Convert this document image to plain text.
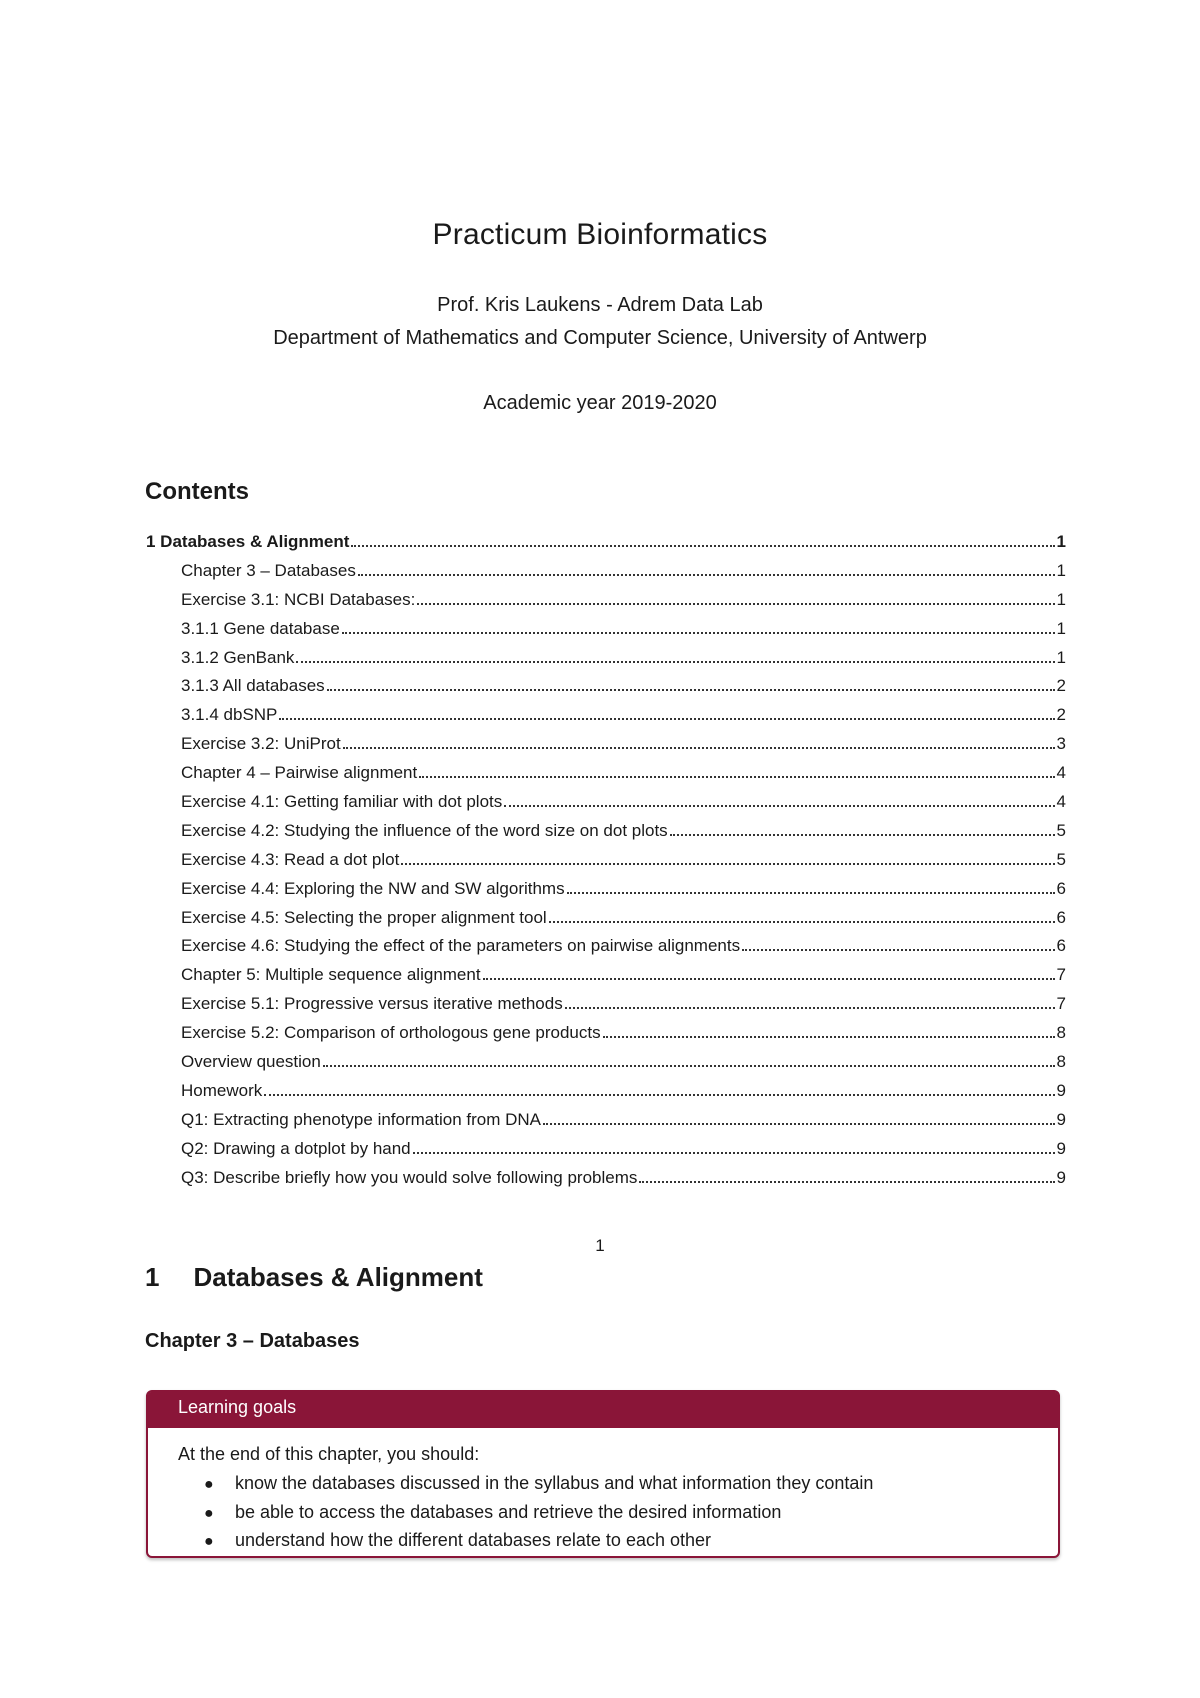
Practicum Bioinformatics
Prof. Kris Laukens - Adrem Data Lab
Department of Mathematics and Computer Science, University of Antwerp
Academic year 2019-2020
Contents
1 Databases & Alignment	1
Chapter 3 – Databases	1
Exercise 3.1: NCBI Databases:	1
3.1.1 Gene database	1
3.1.2 GenBank	1
3.1.3 All databases	2
3.1.4 dbSNP	2
Exercise 3.2: UniProt	3
Chapter 4 – Pairwise alignment	4
Exercise 4.1: Getting familiar with dot plots	4
Exercise 4.2: Studying the influence of the word size on dot plots	5
Exercise 4.3: Read a dot plot	5
Exercise 4.4: Exploring the NW and SW algorithms	6
Exercise 4.5: Selecting the proper alignment tool	6
Exercise 4.6: Studying the effect of the parameters on pairwise alignments	6
Chapter 5: Multiple sequence alignment	7
Exercise 5.1: Progressive versus iterative methods	7
Exercise 5.2: Comparison of orthologous gene products	8
Overview question	8
Homework	9
Q1: Extracting phenotype information from DNA	9
Q2: Drawing a dotplot by hand	9
Q3: Describe briefly how you would solve following problems	9
1
1 Databases & Alignment
Chapter 3 – Databases
Learning goals
At the end of this chapter, you should:
●	know the databases discussed in the syllabus and what information they contain
●	be able to access the databases and retrieve the desired information
●	understand how the different databases relate to each other
